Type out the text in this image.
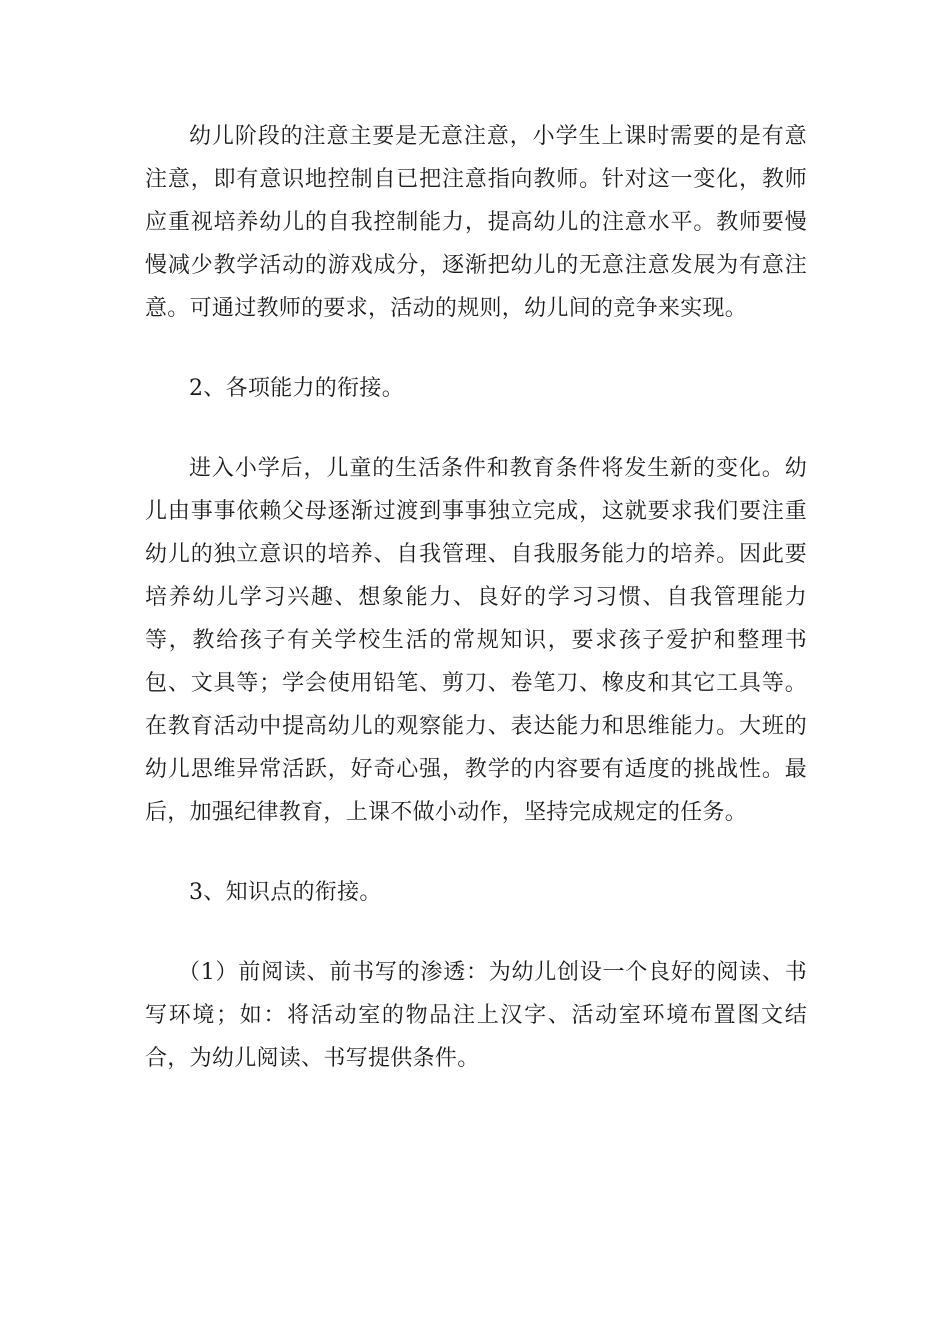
幼儿阶段的注意主要是无意注意，小学生上课时需要的是有意注意，即有意识地控制自已把注意指向教师。针对这一变化，教师应重视培养幼儿的自我控制能力，提高幼儿的注意水平。教师要慢慢减少教学活动的游戏成分，逐渐把幼儿的无意注意发展为有意注意。可通过教师的要求，活动的规则，幼儿间的竞争来实现。

2、各项能力的衔接。

进入小学后，儿童的生活条件和教育条件将发生新的变化。幼儿由事事依赖父母逐渐过渡到事事独立完成，这就要求我们要注重幼儿的独立意识的培养、自我管理、自我服务能力的培养。因此要培养幼儿学习兴趣、想象能力、良好的学习习惯、自我管理能力等，教给孩子有关学校生活的常规知识，要求孩子爱护和整理书包、文具等；学会使用铅笔、剪刀、卷笔刀、橡皮和其它工具等。在教育活动中提高幼儿的观察能力、表达能力和思维能力。大班的幼儿思维异常活跃，好奇心强，教学的内容要有适度的挑战性。最后，加强纪律教育，上课不做小动作，坚持完成规定的任务。

3、知识点的衔接。

（1）前阅读、前书写的渗透：为幼儿创设一个良好的阅读、书写环境；如：将活动室的物品注上汉字、活动室环境布置图文结合，为幼儿阅读、书写提供条件。
